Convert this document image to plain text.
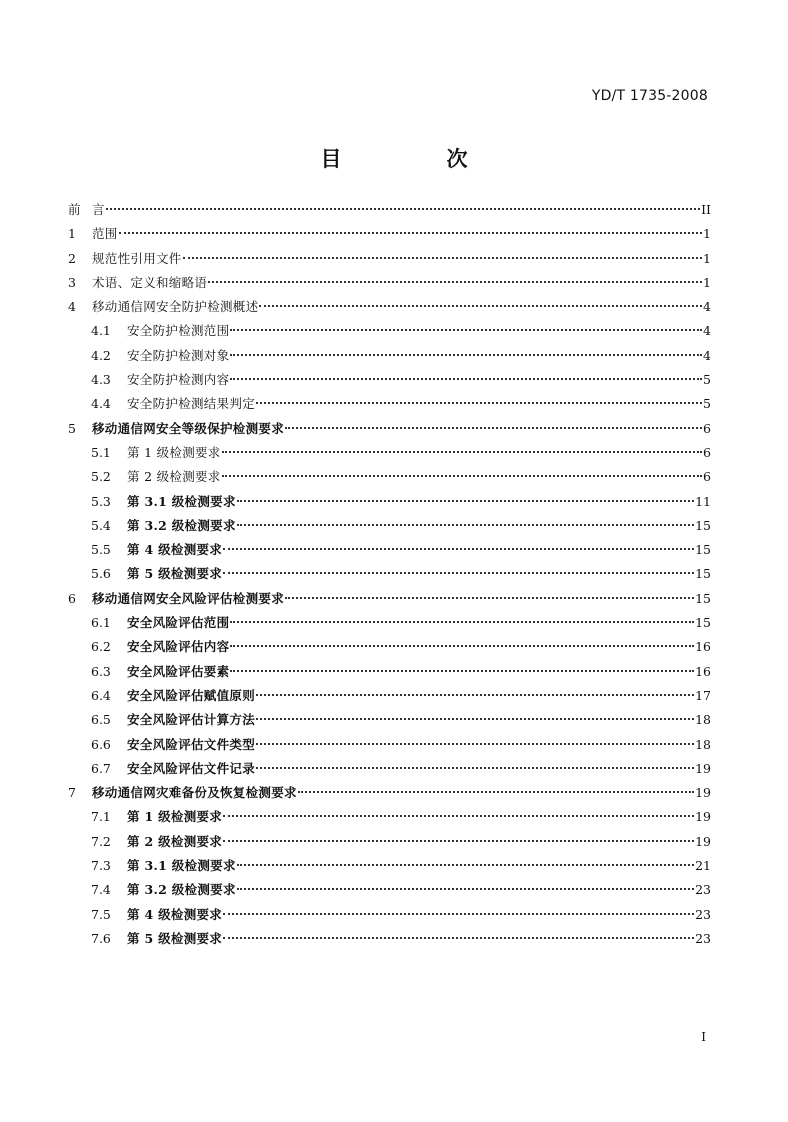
YD/T 1735-2008
目　次
前 言	II
1	范围	1
2	规范性引用文件	1
3	术语、定义和缩略语	1
4	移动通信网安全防护检测概述	4
4.1	安全防护检测范围	4
4.2	安全防护检测对象	4
4.3	安全防护检测内容	5
4.4	安全防护检测结果判定	5
5	移动通信网安全等级保护检测要求	6
5.1	第 1 级检测要求	6
5.2	第 2 级检测要求	6
5.3	第 3.1 级检测要求	11
5.4	第 3.2 级检测要求	15
5.5	第 4 级检测要求	15
5.6	第 5 级检测要求	15
6	移动通信网安全风险评估检测要求	15
6.1	安全风险评估范围	15
6.2	安全风险评估内容	16
6.3	安全风险评估要素	16
6.4	安全风险评估赋值原则	17
6.5	安全风险评估计算方法	18
6.6	安全风险评估文件类型	18
6.7	安全风险评估文件记录	19
7	移动通信网灾难备份及恢复检测要求	19
7.1	第 1 级检测要求	19
7.2	第 2 级检测要求	19
7.3	第 3.1 级检测要求	21
7.4	第 3.2 级检测要求	23
7.5	第 4 级检测要求	23
7.6	第 5 级检测要求	23
I
